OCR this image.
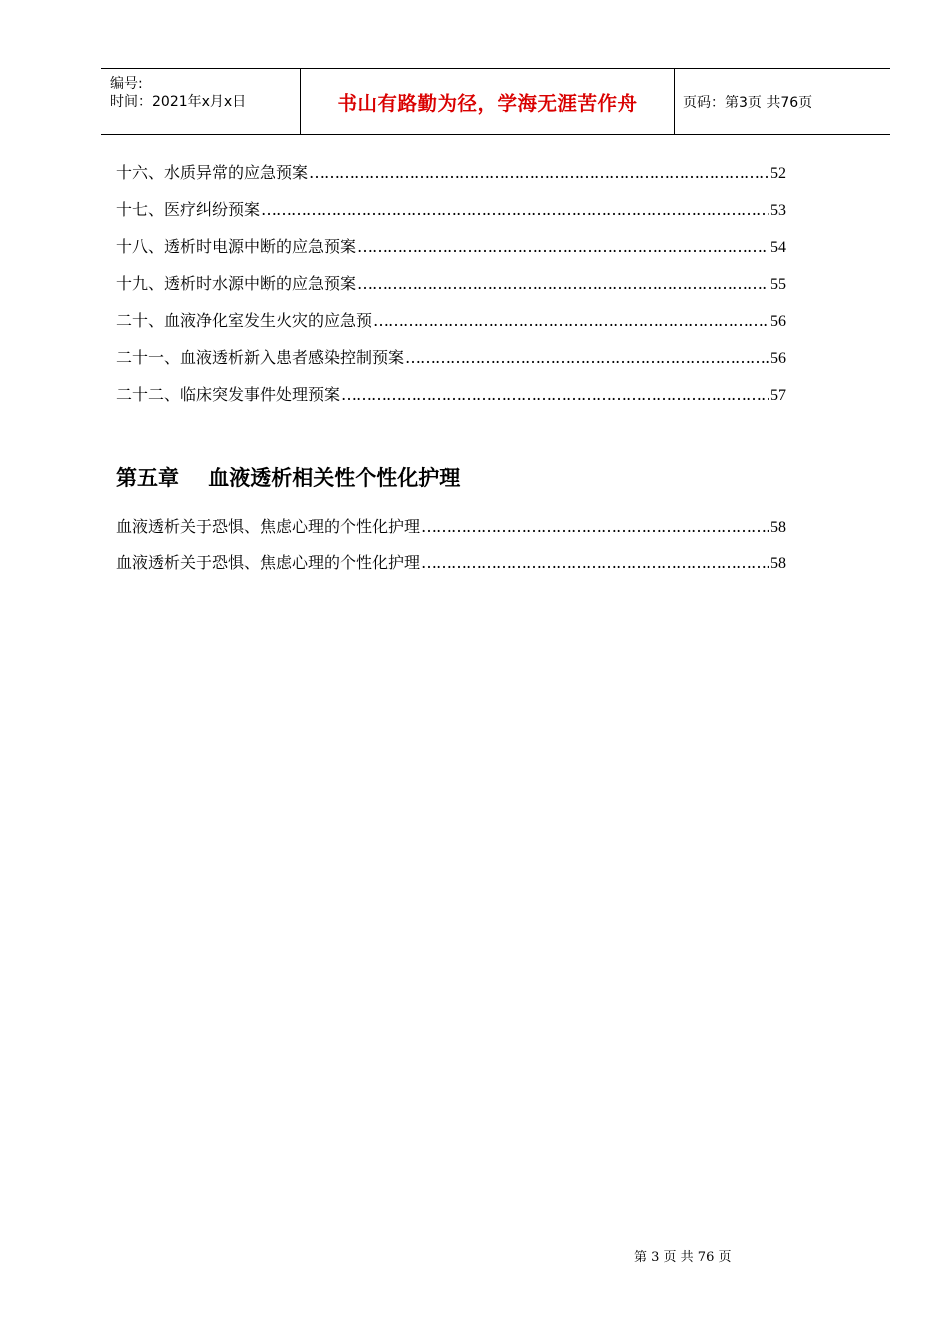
编号:
时间：2021年x月x日	书山有路勤为径，学海无涯苦作舟	页码：第3页 共76页
十六、水质异常的应急预案 …………………………………………………………………………………………………………………………………………………………………………………………	52
十七、医疗纠纷预案 …………………………………………………………………………………………………………………………………………………………………………………………	53
十八、透析时电源中断的应急预案 …………………………………………………………………………………………………………………………………………………………………………………………	54
十九、透析时水源中断的应急预案 …………………………………………………………………………………………………………………………………………………………………………………………	55
二十、血液净化室发生火灾的应急预 …………………………………………………………………………………………………………………………………………………………………………………………	56
二十一、血液透析新入患者感染控制预案 …………………………………………………………………………………………………………………………………………………………………………………………	56
二十二、临床突发事件处理预案 …………………………………………………………………………………………………………………………………………………………………………………………	57
第五章    血液透析相关性个性化护理
血液透析关于恐惧、焦虑心理的个性化护理 …………………………………………………………………………………………………………………………………………………………………………………………	58
血液透析关于恐惧、焦虑心理的个性化护理 …………………………………………………………………………………………………………………………………………………………………………………………	58
第 3 页 共 76 页
